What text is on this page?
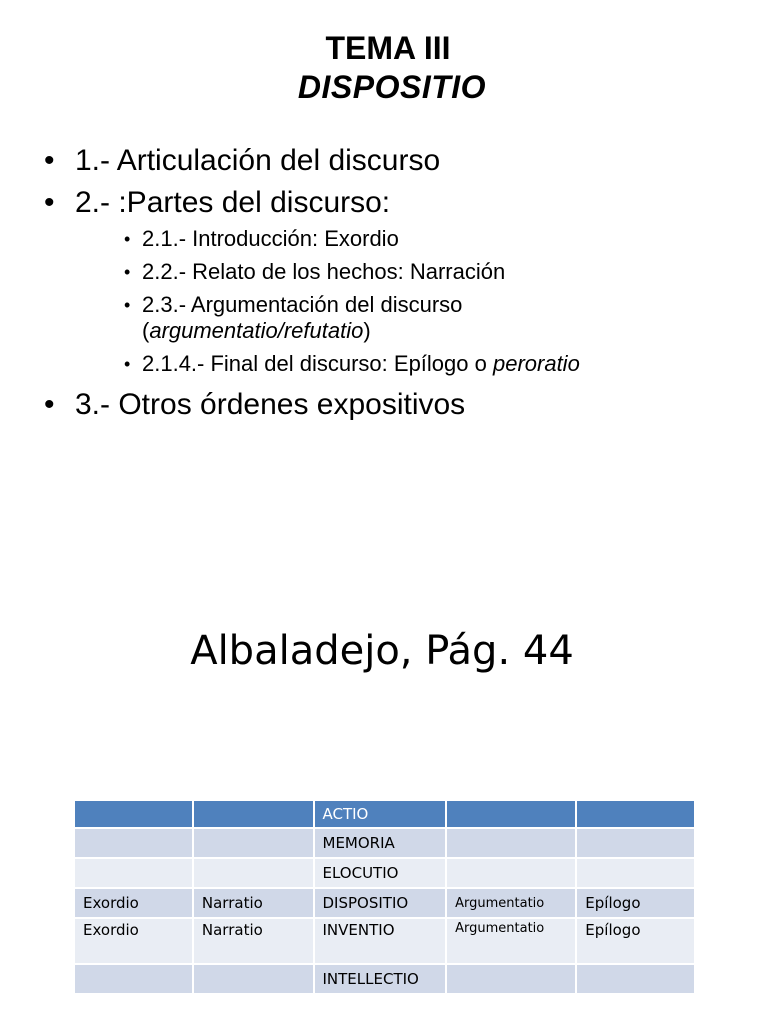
TEMA III
DISPOSITIO
• 1.- Articulación del discurso
• 2.- :Partes del discurso:
• 2.1.- Introducción: Exordio
• 2.2.- Relato de los hechos: Narración
• 2.3.- Argumentación del discurso
(argumentatio/refutatio)
• 2.1.4.- Final del discurso: Epílogo o peroratio
• 3.- Otros órdenes expositivos
Albaladejo, Pág. 44
		ACTIO		
		MEMORIA		
		ELOCUTIO		
Exordio	Narratio	DISPOSITIO	Argumentatio	Epílogo
Exordio	Narratio	INVENTIO	Argumentatio	Epílogo
		INTELLECTIO		
